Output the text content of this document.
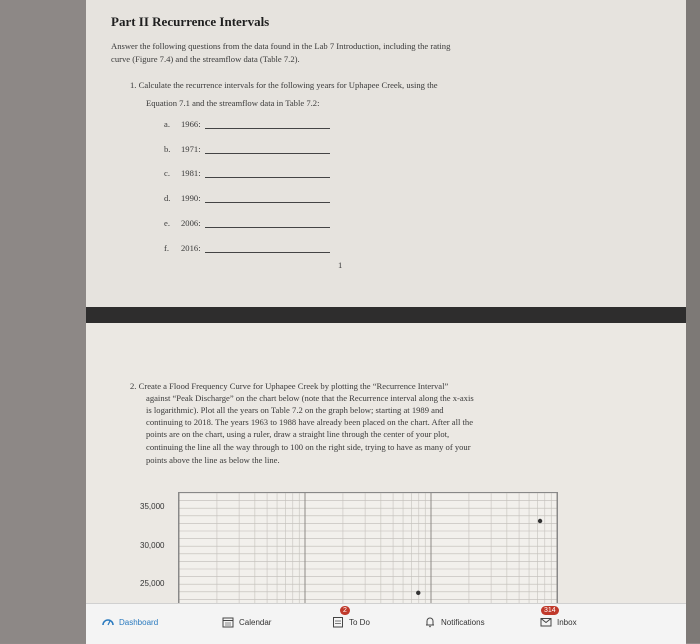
Part II Recurrence Intervals
Answer the following questions from the data found in the Lab 7 Introduction, including the rating
curve (Figure 7.4) and the streamflow data (Table 7.2).
1. Calculate the recurrence intervals for the following years for Uphapee Creek, using the
Equation 7.1 and the streamflow data in Table 7.2:
a. 1966:
b. 1971:
c. 1981:
d. 1990:
e. 2006:
f. 2016:
1
2. Create a Flood Frequency Curve for Uphapee Creek by plotting the “Recurrence Interval”
against “Peak Discharge” on the chart below (note that the Recurrence interval along the x-axis
is logarithmic). Plot all the years on Table 7.2 on the graph below; starting at 1989 and
continuing to 2018. The years 1963 to 1988 have already been placed on the chart. After all the
points are on the chart, using a ruler, draw a straight line through the center of your plot,
continuing the line all the way through to 100 on the right side, trying to have as many of your
points above the line as below the line.
35,000
30,000
25,000
Dashboard	Calendar	To Do
2
Notifications	Inbox
314
